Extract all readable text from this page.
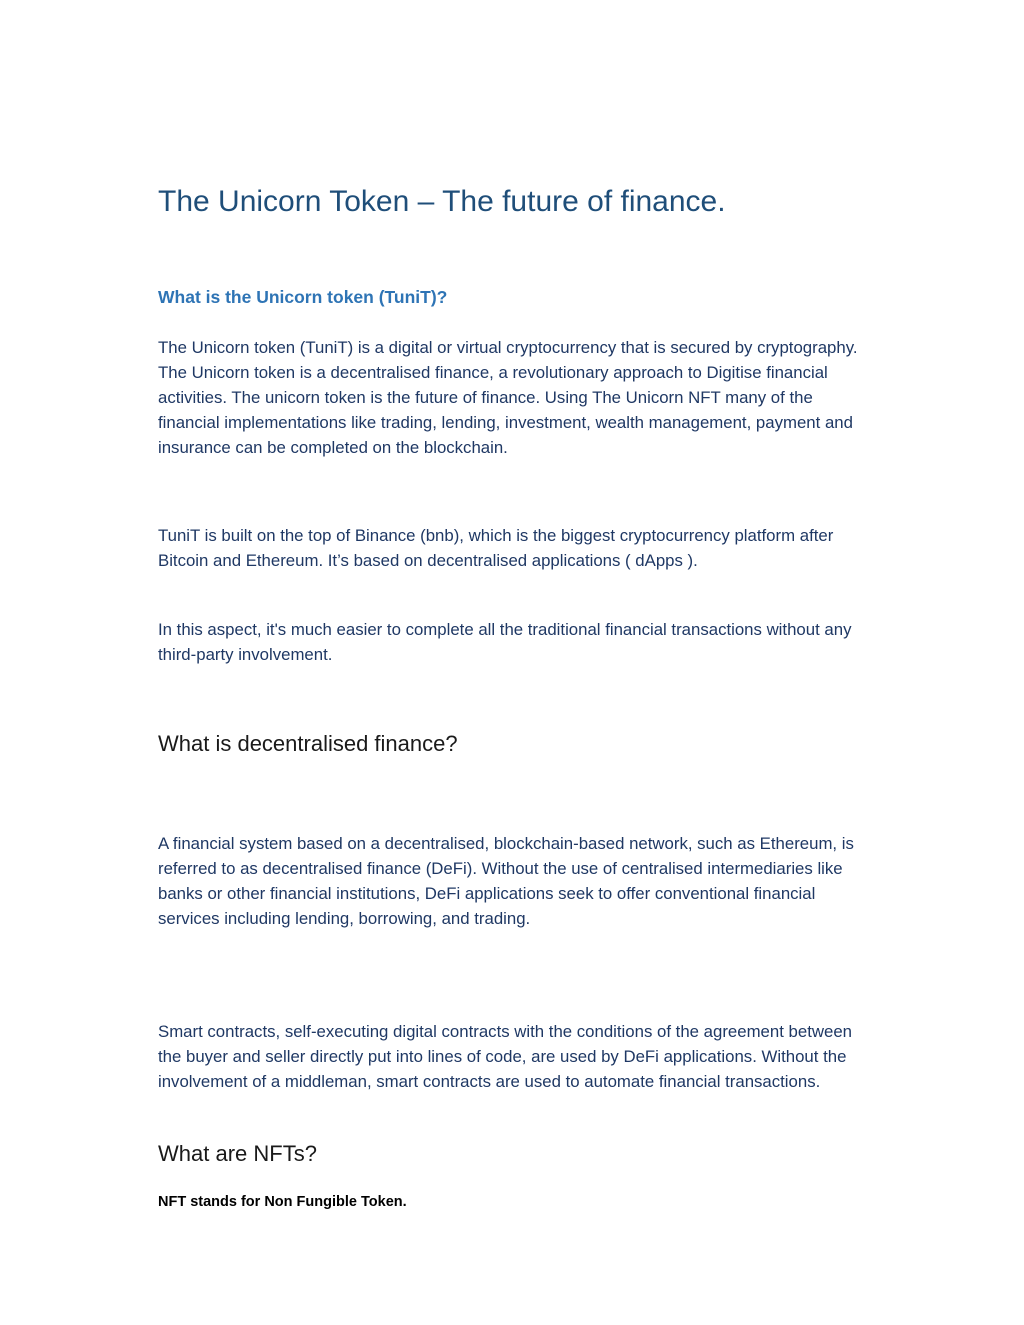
The Unicorn Token – The future of finance.
What is the Unicorn token (TuniT)?

The Unicorn token (TuniT) is a digital or virtual cryptocurrency that is secured by cryptography. The Unicorn token is a decentralised finance, a revolutionary approach to Digitise financial activities. The unicorn token is the future of finance. Using The Unicorn NFT many of the financial implementations like trading, lending, investment, wealth management, payment and insurance can be completed on the blockchain.

TuniT is built on the top of Binance (bnb), which is the biggest cryptocurrency platform after Bitcoin and Ethereum. It’s based on decentralised applications ( dApps ).

In this aspect, it's much easier to complete all the traditional financial transactions without any third-party involvement.

What is decentralised finance?

A financial system based on a decentralised, blockchain-based network, such as Ethereum, is referred to as decentralised finance (DeFi). Without the use of centralised intermediaries like banks or other financial institutions, DeFi applications seek to offer conventional financial services including lending, borrowing, and trading.

Smart contracts, self-executing digital contracts with the conditions of the agreement between the buyer and seller directly put into lines of code, are used by DeFi applications. Without the involvement of a middleman, smart contracts are used to automate financial transactions.

What are NFTs?

NFT stands for Non Fungible Token.
